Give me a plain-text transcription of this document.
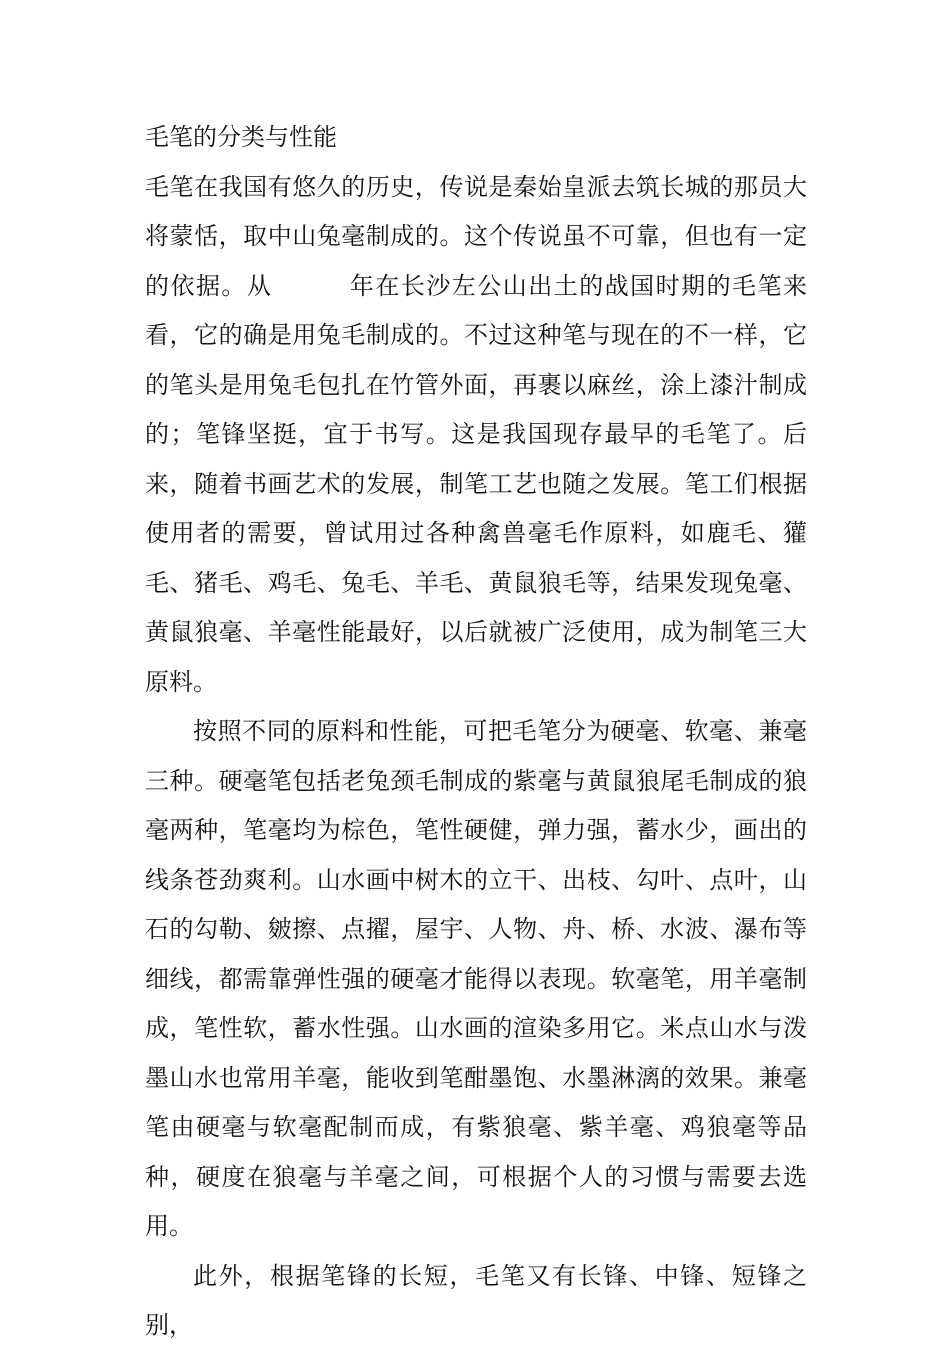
毛笔的分类与性能

毛笔在我国有悠久的历史，传说是秦始皇派去筑长城的那员大将蒙恬，取中山兔毫制成的。这个传说虽不可靠，但也有一定的依据。从	年在长沙左公山出土的战国时期的毛笔来看，它的确是用兔毛制成的。不过这种笔与现在的不一样，它的笔头是用兔毛包扎在竹管外面，再裹以麻丝，涂上漆汁制成的；笔锋坚挺，宜于书写。这是我国现存最早的毛笔了。后来，随着书画艺术的发展，制笔工艺也随之发展。笔工们根据使用者的需要，曾试用过各种禽兽毫毛作原料，如鹿毛、獾毛、猪毛、鸡毛、兔毛、羊毛、黄鼠狼毛等，结果发现兔毫、黄鼠狼毫、羊毫性能最好，以后就被广泛使用，成为制笔三大原料。

按照不同的原料和性能，可把毛笔分为硬毫、软毫、兼毫三种。硬毫笔包括老兔颈毛制成的紫毫与黄鼠狼尾毛制成的狼毫两种，笔毫均为棕色，笔性硬健，弹力强，蓄水少，画出的线条苍劲爽利。山水画中树木的立干、出枝、勾叶、点叶，山石的勾勒、皴擦、点擢，屋宇、人物、舟、桥、水波、瀑布等细线，都需靠弹性强的硬毫才能得以表现。软毫笔，用羊毫制成，笔性软，蓄水性强。山水画的渲染多用它。米点山水与泼墨山水也常用羊毫，能收到笔酣墨饱、水墨淋漓的效果。兼毫笔由硬毫与软毫配制而成，有紫狼毫、紫羊毫、鸡狼毫等品种，硬度在狼毫与羊毫之间，可根据个人的习惯与需要去选用。

此外，根据笔锋的长短，毛笔又有长锋、中锋、短锋之别，
